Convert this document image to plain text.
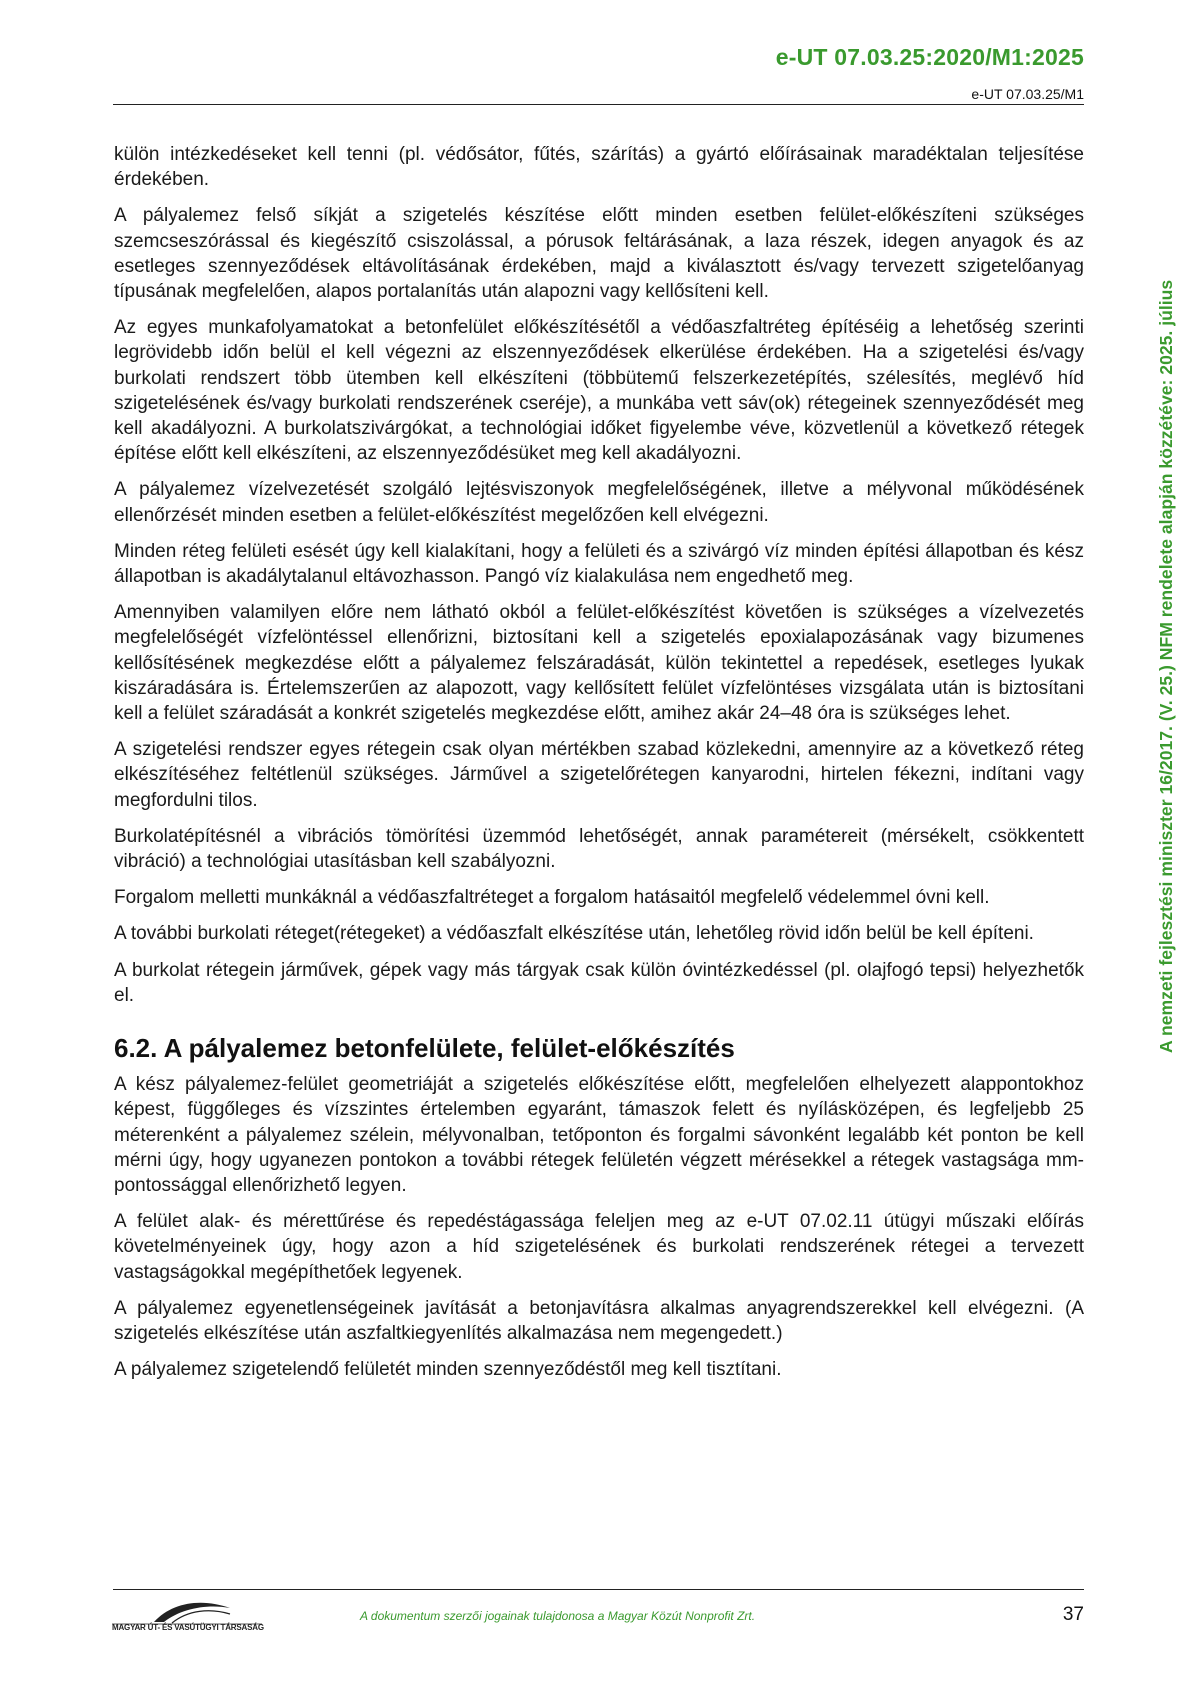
e-UT 07.03.25:2020/M1:2025
e-UT 07.03.25/M1
A nemzeti fejlesztési miniszter 16/2017. (V. 25.) NFM rendelete alapján közzétéve: 2025. július

külön intézkedéseket kell tenni (pl. védősátor, fűtés, szárítás) a gyártó előírásainak maradéktalan teljesítése érdekében.

A pályalemez felső síkját a szigetelés készítése előtt minden esetben felület-előkészíteni szükséges szemcseszórással és kiegészítő csiszolással, a pórusok feltárásának, a laza részek, idegen anyagok és az esetleges szennyeződések eltávolításának érdekében, majd a kiválasztott és/vagy tervezett szigetelőanyag típusának megfelelően, alapos portalanítás után alapozni vagy kellősíteni kell.

Az egyes munkafolyamatokat a betonfelület előkészítésétől a védőaszfaltréteg építéséig a lehetőség szerinti legrövidebb időn belül el kell végezni az elszennyeződések elkerülése érdekében. Ha a szigetelési és/vagy burkolati rendszert több ütemben kell elkészíteni (többütemű felszerkezetépítés, szélesítés, meglévő híd szigetelésének és/vagy burkolati rendszerének cseréje), a munkába vett sáv(ok) rétegeinek szennyeződését meg kell akadályozni. A burkolatszivárgókat, a technológiai időket figyelembe véve, közvetlenül a következő rétegek építése előtt kell elkészíteni, az elszennyeződésüket meg kell akadályozni.

A pályalemez vízelvezetését szolgáló lejtésviszonyok megfelelőségének, illetve a mélyvonal működésének ellenőrzését minden esetben a felület-előkészítést megelőzően kell elvégezni.

Minden réteg felületi esését úgy kell kialakítani, hogy a felületi és a szivárgó víz minden építési állapotban és kész állapotban is akadálytalanul eltávozhasson. Pangó víz kialakulása nem engedhető meg.

Amennyiben valamilyen előre nem látható okból a felület-előkészítést követően is szükséges a vízelvezetés megfelelőségét vízfelöntéssel ellenőrizni, biztosítani kell a szigetelés epoxialapozásának vagy bizumenes kellősítésének megkezdése előtt a pályalemez felszáradását, külön tekintettel a repedések, esetleges lyukak kiszáradására is. Értelemszerűen az alapozott, vagy kellősített felület vízfelöntéses vizsgálata után is biztosítani kell a felület száradását a konkrét szigetelés megkezdése előtt, amihez akár 24–48 óra is szükséges lehet.

A szigetelési rendszer egyes rétegein csak olyan mértékben szabad közlekedni, amennyire az a következő réteg elkészítéséhez feltétlenül szükséges. Járművel a szigetelőrétegen kanyarodni, hirtelen fékezni, indítani vagy megfordulni tilos.

Burkolatépítésnél a vibrációs tömörítési üzemmód lehetőségét, annak paramétereit (mérsékelt, csökkentett vibráció) a technológiai utasításban kell szabályozni.

Forgalom melletti munkáknál a védőaszfaltréteget a forgalom hatásaitól megfelelő védelemmel óvni kell.

A további burkolati réteget(rétegeket) a védőaszfalt elkészítése után, lehetőleg rövid időn belül be kell építeni.

A burkolat rétegein járművek, gépek vagy más tárgyak csak külön óvintézkedéssel (pl. olajfogó tepsi) helyezhetők el.

6.2. A pályalemez betonfelülete, felület-előkészítés

A kész pályalemez-felület geometriáját a szigetelés előkészítése előtt, megfelelően elhelyezett alappontokhoz képest, függőleges és vízszintes értelemben egyaránt, támaszok felett és nyílásközépen, és legfeljebb 25 méterenként a pályalemez szélein, mélyvonalban, tetőponton és forgalmi sávonként legalább két ponton be kell mérni úgy, hogy ugyanezen pontokon a további rétegek felületén végzett mérésekkel a rétegek vastagsága mm-pontossággal ellenőrizhető legyen.

A felület alak- és mérettűrése és repedéstágassága feleljen meg az e-UT 07.02.11 útügyi műszaki előírás követelményeinek úgy, hogy azon a híd szigetelésének és burkolati rendszerének rétegei a tervezett vastagságokkal megépíthetőek legyenek.

A pályalemez egyenetlenségeinek javítását a betonjavításra alkalmas anyagrendszerekkel kell elvégezni. (A szigetelés elkészítése után aszfaltkiegyenlítés alkalmazása nem megengedett.)

A pályalemez szigetelendő felületét minden szennyeződéstől meg kell tisztítani.

MAGYAR ÚT- ÉS VASÚTÜGYI TÁRSASÁG
A dokumentum szerzői jogainak tulajdonosa a Magyar Közút Nonprofit Zrt.	37
